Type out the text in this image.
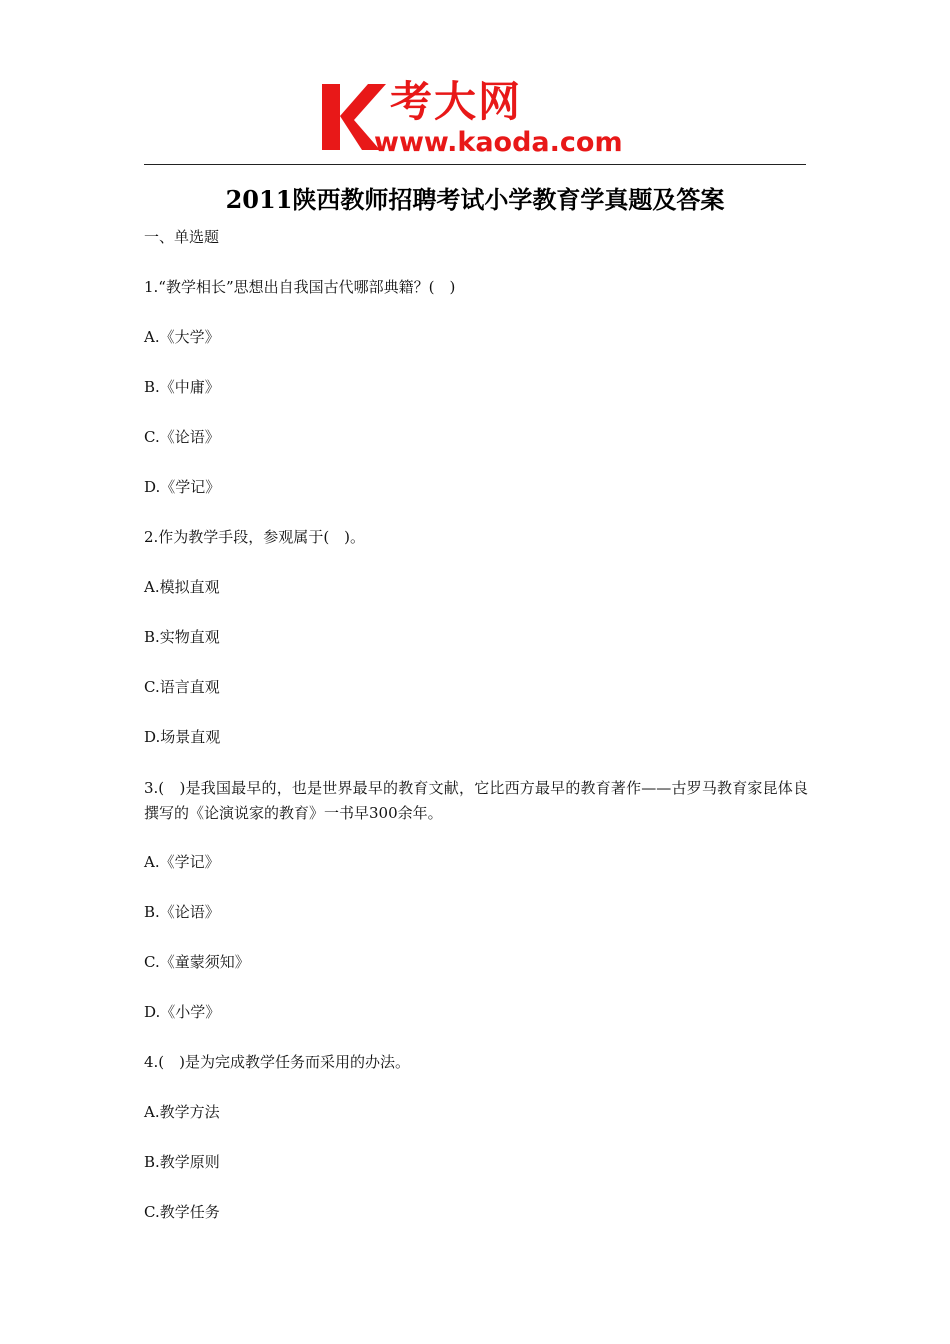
考大网
www.kaoda.com
2011陕西教师招聘考试小学教育学真题及答案
一、单选题
1.“教学相长”思想出自我国古代哪部典籍？(　)
A.《大学》
B.《中庸》
C.《论语》
D.《学记》
2.作为教学手段，参观属于(　)。
A.模拟直观
B.实物直观
C.语言直观
D.场景直观
3.(　)是我国最早的，也是世界最早的教育文献，它比西方最早的教育著作——古罗马教育家昆体良撰写的《论演说家的教育》一书早300余年。
A.《学记》
B.《论语》
C.《童蒙须知》
D.《小学》
4.(　)是为完成教学任务而采用的办法。
A.教学方法
B.教学原则
C.教学任务
